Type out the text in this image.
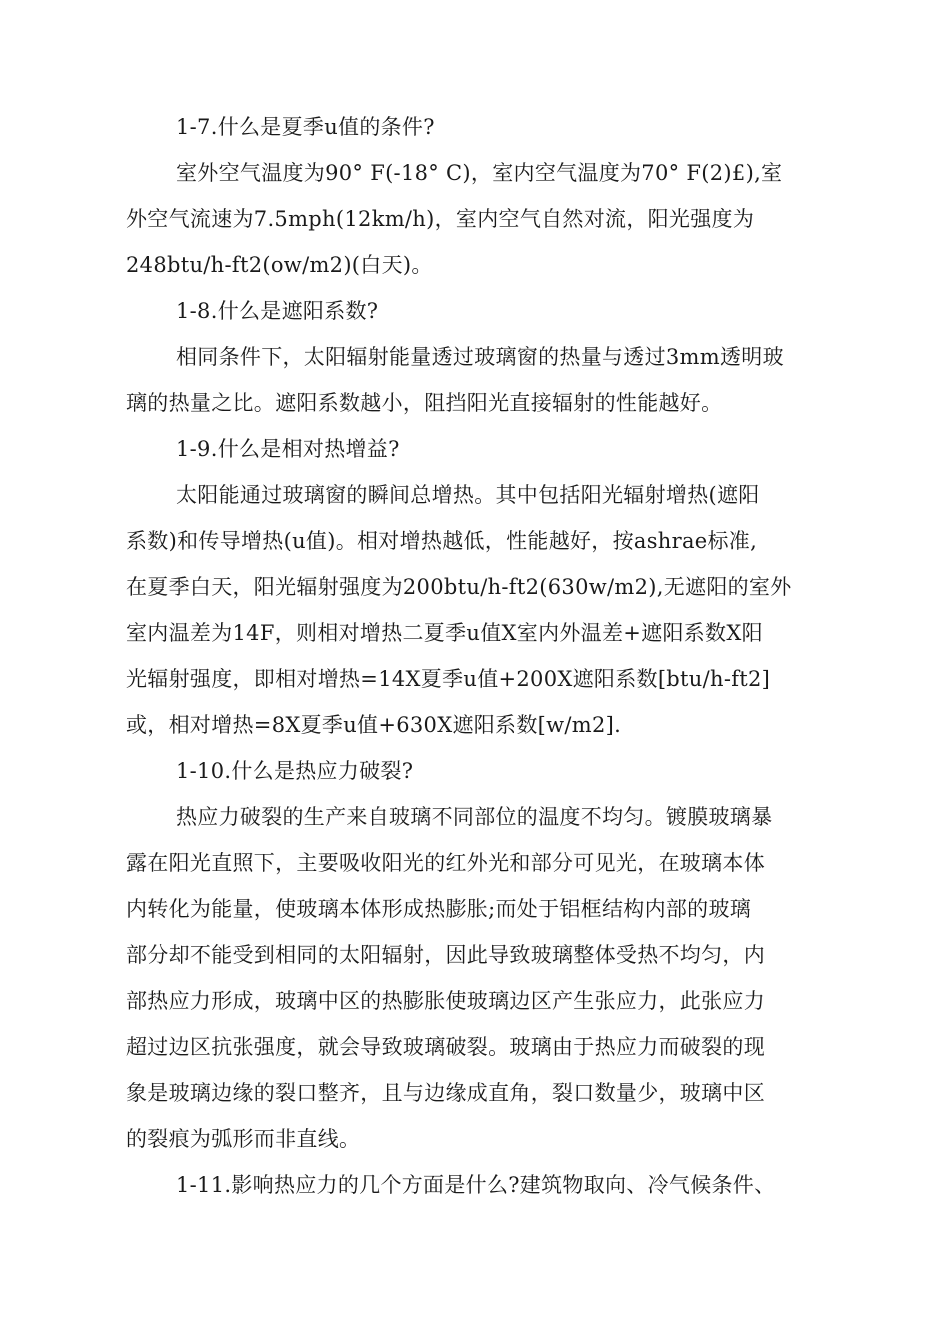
1-7.什么是夏季u值的条件?
室外空气温度为90° F(-18° C)，室内空气温度为70° F(2)£),室
外空气流速为7.5mph(12km/h)，室内空气自然对流，阳光强度为
248btu/h-ft2(ow/m2)(白天)。
1-8.什么是遮阳系数?
相同条件下，太阳辐射能量透过玻璃窗的热量与透过3mm透明玻
璃的热量之比。遮阳系数越小，阻挡阳光直接辐射的性能越好。
1-9.什么是相对热增益?
太阳能通过玻璃窗的瞬间总增热。其中包括阳光辐射增热(遮阳
系数)和传导增热(u值)。相对增热越低，性能越好，按ashrae标准,
在夏季白天，阳光辐射强度为200btu/h-ft2(630w/m2),无遮阳的室外
室内温差为14F，则相对增热二夏季u值X室内外温差+遮阳系数X阳
光辐射强度，即相对增热=14X夏季u值+200X遮阳系数[btu/h-ft2]
或，相对增热=8X夏季u值+630X遮阳系数[w/m2].
1-10.什么是热应力破裂?
热应力破裂的生产来自玻璃不同部位的温度不均匀。镀膜玻璃暴
露在阳光直照下，主要吸收阳光的红外光和部分可见光，在玻璃本体
内转化为能量，使玻璃本体形成热膨胀;而处于铝框结构内部的玻璃
部分却不能受到相同的太阳辐射，因此导致玻璃整体受热不均匀，内
部热应力形成，玻璃中区的热膨胀使玻璃边区产生张应力，此张应力
超过边区抗张强度，就会导致玻璃破裂。玻璃由于热应力而破裂的现
象是玻璃边缘的裂口整齐，且与边缘成直角，裂口数量少，玻璃中区
的裂痕为弧形而非直线。
1-11.影响热应力的几个方面是什么?建筑物取向、冷气候条件、
